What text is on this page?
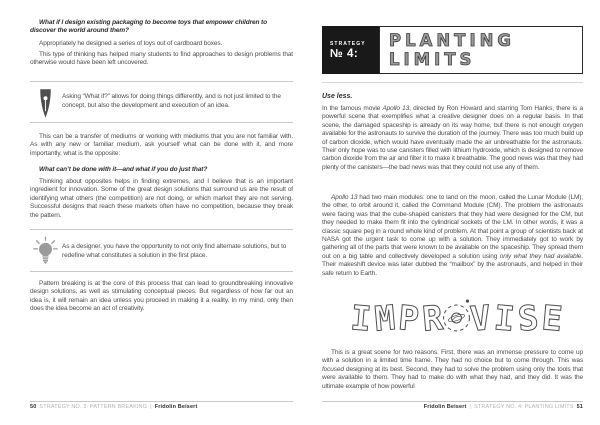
What if I design existing packaging to become toys that empower children to discover the world around them?

Appropriately he designed a series of toys out of cardboard boxes.

This type of thinking has helped many students to find approaches to design problems that otherwise would have been left uncovered.

Asking “What if?” allows for doing things differently, and is not just limited to the concept, but also the development and execution of an idea.

This can be a transfer of mediums or working with mediums that you are not familiar with. As with any new or familiar medium, ask yourself what can be done with it, and more importantly, what is the opposite:

What can’t be done with it—and what if you do just that?

Thinking about opposites helps in finding extremes, and I believe that is an important ingredient for innovation. Some of the great design solutions that surround us are the result of identifying what others (the competition) are not doing, or which market they are not serving. Successful designs that reach these markets often have no competition, because they break the pattern.

As a designer, you have the opportunity to not only find alternate solutions, but to redefine what constitutes a solution in the first place.

Pattern breaking is at the core of this process that can lead to groundbreaking innovative design solutions, as well as stimulating conceptual pieces. But regardless of how far out an idea is, it will remain an idea unless you proceed in making it a reality. In my mind, only then does the idea become an act of creativity.

50 STRATEGY NO. 3: PATTERN BREAKING | Fridolin Beisert
STRATEGY
№ 4:
PLANTING
LIMITS

Use less.

In the famous movie Apollo 13, directed by Ron Howard and starring Tom Hanks, there is a powerful scene that exemplifies what a creative designer does on a regular basis. In that scene, the damaged spaceship is already on its way home, but there is not enough oxygen available for the astronauts to survive the duration of the journey. There was too much build up of carbon dioxide, which would have eventually made the air unbreathable for the astronauts. Their only hope was to use canisters filled with lithium hydroxide, which is designed to remove carbon dioxide from the air and filter it to make it breathable. The good news was that they had plenty of the canisters—the bad news was that they could not use any of them.

Apollo 13 had two main modules: one to land on the moon, called the Lunar Module (LM); the other, to orbit around it, called the Command Module (CM). The problem the astronauts were facing was that the cube-shaped canisters that they had were designed for the CM, but they needed to make them fit into the cylindrical sockets of the LM. In other words, it was a classic square peg in a round whole kind of problem. At that point a group of scientists back at NASA got the urgent task to come up with a solution. They immediately got to work by gathering all of the parts that were known to be available on the spaceship. They spread them out on a big table and collectively developed a solution using only what they had available. Their makeshift device was later dubbed the “mailbox” by the astronauts, and helped in their safe return to Earth.

I M P R V I S E

This is a great scene for two reasons. First, there was an immense pressure to come up with a solution in a limited time frame. They had no choice but to come through. This was focused designing at its best. Second, they had to solve the problem using only the tools that were available to them. They had to make do with what they had, and they did. It was the ultimate example of how powerful

Fridolin Beisert | STRATEGY NO. 4: PLANTING LIMITS 51
